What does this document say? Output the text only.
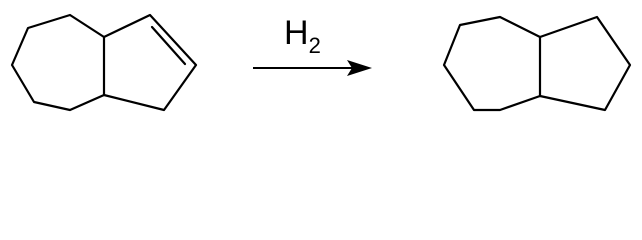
$H_2$
